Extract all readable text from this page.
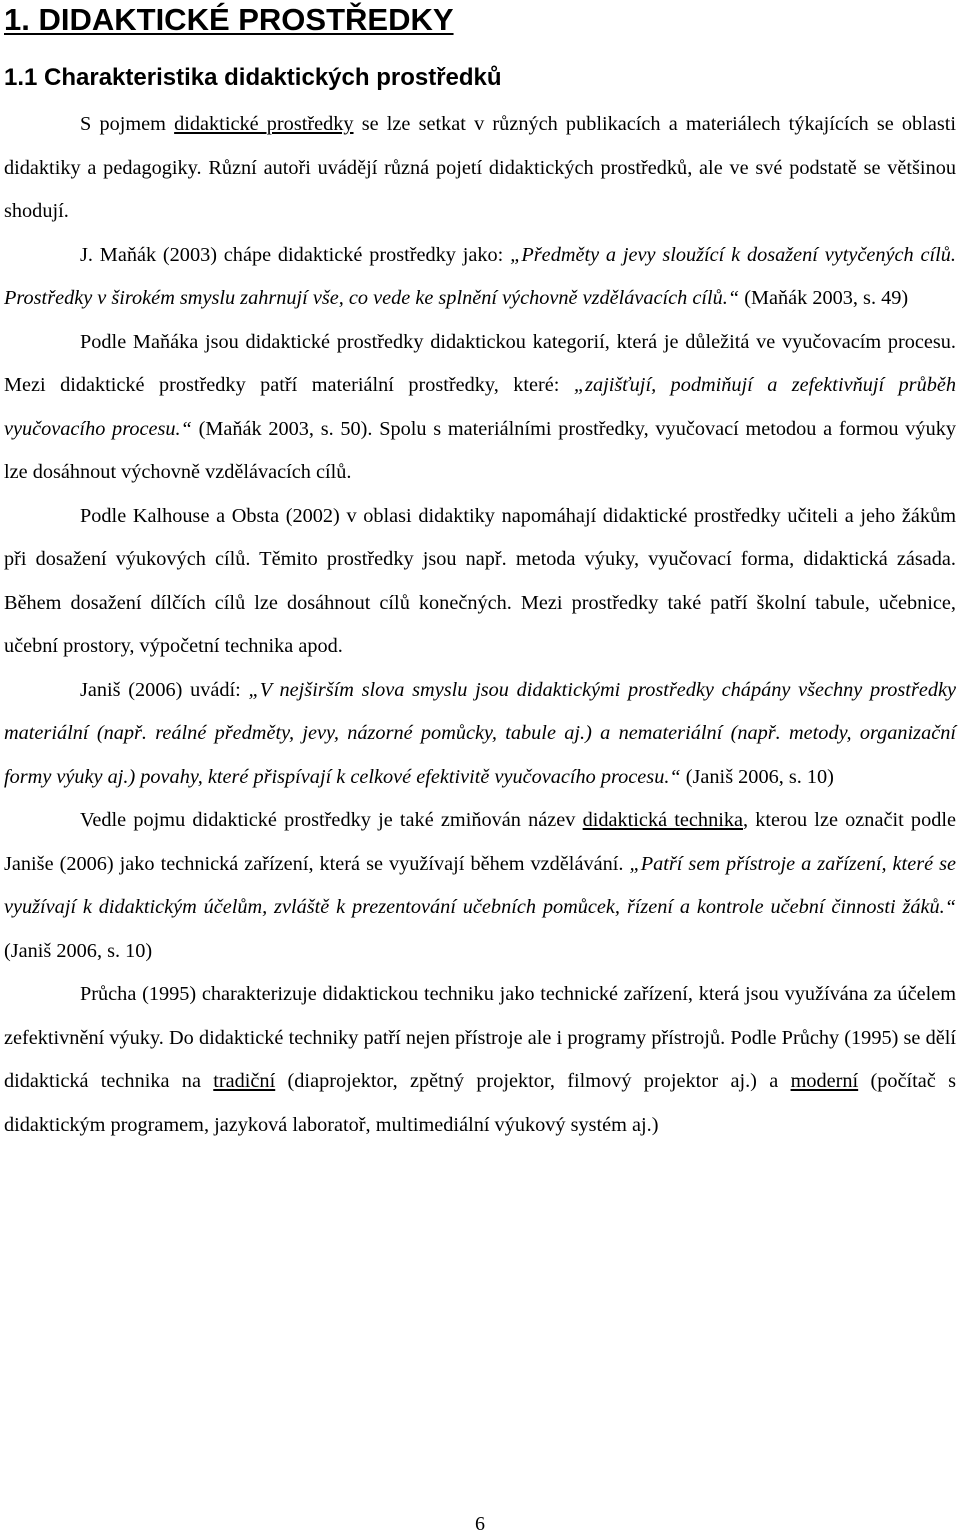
1. DIDAKTICKÉ PROSTŘEDKY
1.1 Charakteristika didaktických prostředků

S pojmem didaktické prostředky se lze setkat v různých publikacích a materiálech týkajících se oblasti didaktiky a pedagogiky. Různí autoři uvádějí různá pojetí didaktických prostředků, ale ve své podstatě se většinou shodují.

J. Maňák (2003) chápe didaktické prostředky jako: „Předměty a jevy sloužící k dosažení vytyčených cílů. Prostředky v širokém smyslu zahrnují vše, co vede ke splnění výchovně vzdělávacích cílů.“ (Maňák 2003, s. 49)

Podle Maňáka jsou didaktické prostředky didaktickou kategorií, která je důležitá ve vyučovacím procesu. Mezi didaktické prostředky patří materiální prostředky, které: „zajišťují, podmiňují a zefektivňují průběh vyučovacího procesu.“ (Maňák 2003, s. 50). Spolu s materiálními prostředky, vyučovací metodou a formou výuky lze dosáhnout výchovně vzdělávacích cílů.

Podle Kalhouse a Obsta (2002) v oblasi didaktiky napomáhají didaktické prostředky učiteli a jeho žákům při dosažení výukových cílů. Těmito prostředky jsou např. metoda výuky, vyučovací forma, didaktická zásada. Během dosažení dílčích cílů lze dosáhnout cílů konečných. Mezi prostředky také patří školní tabule, učebnice, učební prostory, výpočetní technika apod.

Janiš (2006) uvádí: „V nejširším slova smyslu jsou didaktickými prostředky chápány všechny prostředky materiální (např. reálné předměty, jevy, názorné pomůcky, tabule aj.) a nemateriální (např. metody, organizační formy výuky aj.) povahy, které přispívají k celkové efektivitě vyučovacího procesu.“ (Janiš 2006, s. 10)

Vedle pojmu didaktické prostředky je také zmiňován název didaktická technika, kterou lze označit podle Janiše (2006) jako technická zařízení, která se využívají během vzdělávání. „Patří sem přístroje a zařízení, které se využívají k didaktickým účelům, zvláště k prezentování učebních pomůcek, řízení a kontrole učební činnosti žáků.“ (Janiš 2006, s. 10)

Průcha (1995) charakterizuje didaktickou techniku jako technické zařízení, která jsou využívána za účelem zefektivnění výuky. Do didaktické techniky patří nejen přístroje ale i programy přístrojů. Podle Průchy (1995) se dělí didaktická technika na tradiční (diaprojektor, zpětný projektor, filmový projektor aj.) a moderní (počítač s didaktickým programem, jazyková laboratoř, multimediální výukový systém aj.)

6
